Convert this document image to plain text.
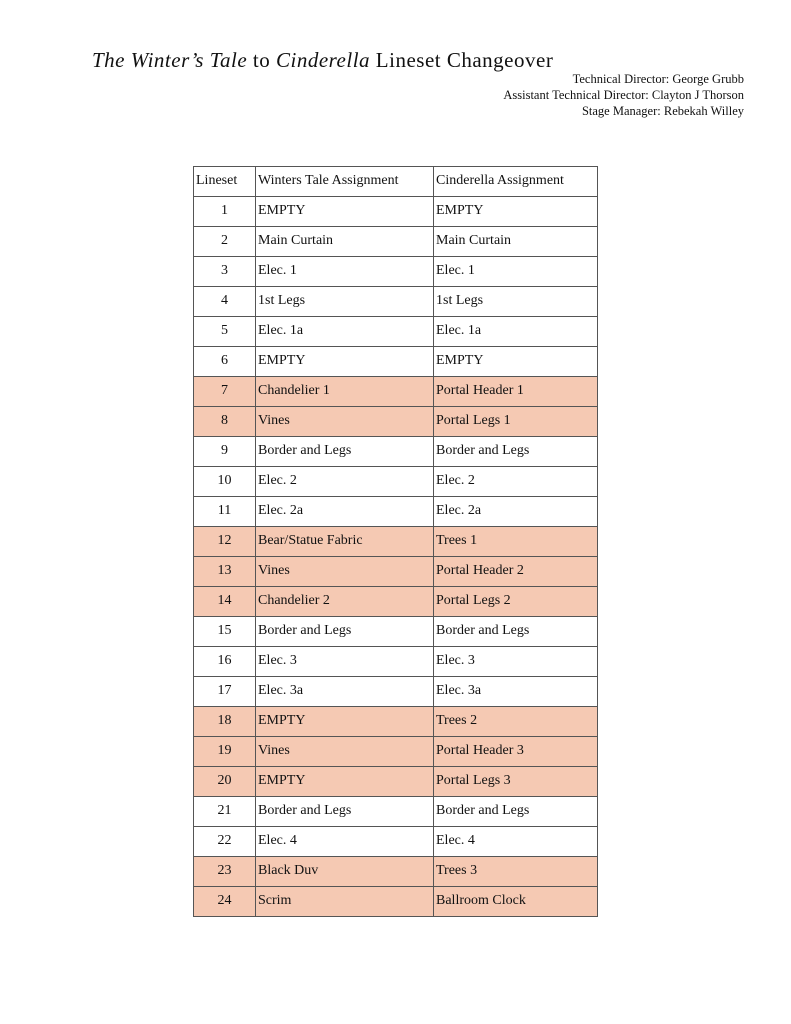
The Winter’s Tale to Cinderella Lineset Changeover
Technical Director: George Grubb
Assistant Technical Director: Clayton J Thorson
Stage Manager: Rebekah Willey
Lineset	Winters Tale Assignment	Cinderella Assignment
1	EMPTY	EMPTY
2	Main Curtain	Main Curtain
3	Elec. 1	Elec. 1
4	1st Legs	1st Legs
5	Elec. 1a	Elec. 1a
6	EMPTY	EMPTY
7	Chandelier 1	Portal Header 1
8	Vines	Portal Legs 1
9	Border and Legs	Border and Legs
10	Elec. 2	Elec. 2
11	Elec. 2a	Elec. 2a
12	Bear/Statue Fabric	Trees 1
13	Vines	Portal Header 2
14	Chandelier 2	Portal Legs 2
15	Border and Legs	Border and Legs
16	Elec. 3	Elec. 3
17	Elec. 3a	Elec. 3a
18	EMPTY	Trees 2
19	Vines	Portal Header 3
20	EMPTY	Portal Legs 3
21	Border and Legs	Border and Legs
22	Elec. 4	Elec. 4
23	Black Duv	Trees 3
24	Scrim	Ballroom Clock
